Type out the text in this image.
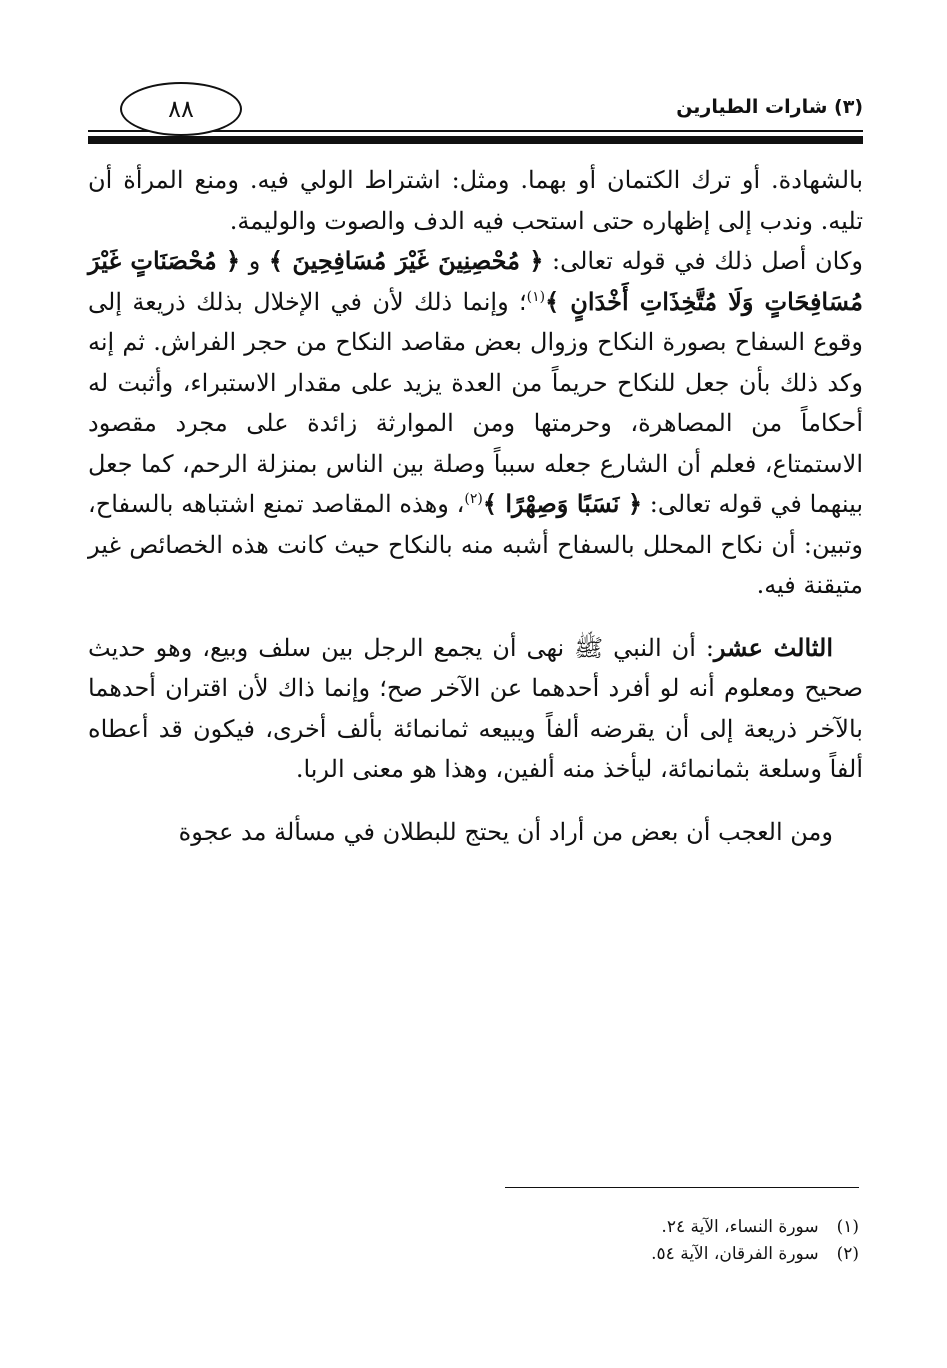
(٣) شارات الطيارين
٨٨

بالشهادة. أو ترك الكتمان أو بهما. ومثل: اشتراط الولي فيه. ومنع المرأة أن تليه. وندب إلى إظهاره حتى استحب فيه الدف والصوت والوليمة.

وكان أصل ذلك في قوله تعالى: ﴿ مُحْصِنِينَ غَيْرَ مُسَافِحِينَ ﴾ و ﴿ مُحْصَنَاتٍ غَيْرَ مُسَافِحَاتٍ وَلَا مُتَّخِذَاتِ أَخْدَانٍ ﴾$^{(١)}$؛ وإنما ذلك لأن في الإخلال بذلك ذريعة إلى وقوع السفاح بصورة النكاح وزوال بعض مقاصد النكاح من حجر الفراش. ثم إنه وكد ذلك بأن جعل للنكاح حريماً من العدة يزيد على مقدار الاستبراء، وأثبت له أحكاماً من المصاهرة، وحرمتها ومن الموارثة زائدة على مجرد مقصود الاستمتاع، فعلم أن الشارع جعله سبباً وصلة بين الناس بمنزلة الرحم، كما جعل بينهما في قوله تعالى: ﴿ نَسَبًا وَصِهْرًا ﴾$^{(٢)}$، وهذه المقاصد تمنع اشتباهه بالسفاح، وتبين: أن نكاح المحلل بالسفاح أشبه منه بالنكاح حيث كانت هذه الخصائص غير متيقنة فيه.

الثالث عشر: أن النبي ﷺ نهى أن يجمع الرجل بين سلف وبيع، وهو حديث صحيح ومعلوم أنه لو أفرد أحدهما عن الآخر صح؛ وإنما ذاك لأن اقتران أحدهما بالآخر ذريعة إلى أن يقرضه ألفاً ويبيعه ثمانمائة بألف أخرى، فيكون قد أعطاه ألفاً وسلعة بثمانمائة، ليأخذ منه ألفين، وهذا هو معنى الربا.

ومن العجب أن بعض من أراد أن يحتج للبطلان في مسألة مد عجوة

(١)
سورة النساء، الآية ٢٤.
(٢)
سورة الفرقان، الآية ٥٤.
